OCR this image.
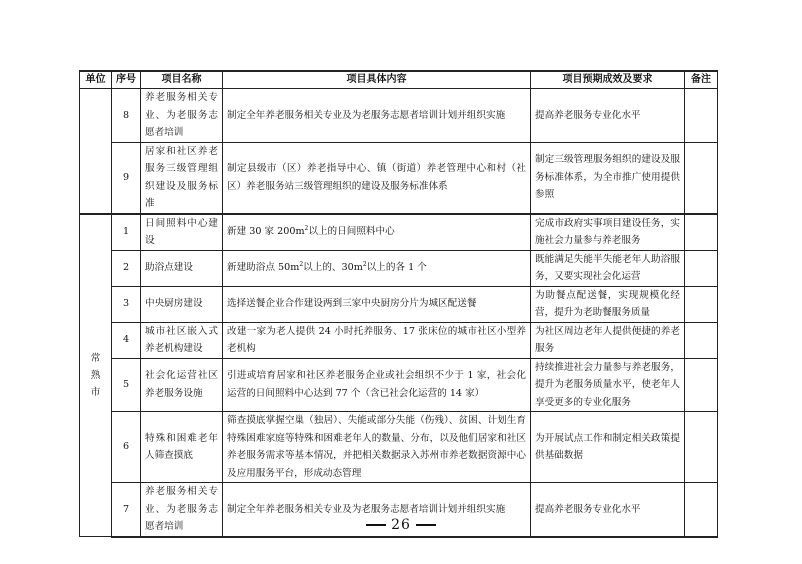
单位	序号	项目名称	项目具体内容	项目预期成效及要求	备注
	8	养老服务相关专业、为老服务志愿者培训	制定全年养老服务相关专业及为老服务志愿者培训计划并组织实施	提高养老服务专业化水平	
	9	居家和社区养老服务三级管理组织建设及服务标准	制定县级市（区）养老指导中心、镇（街道）养老管理中心和村（社区）养老服务站三级管理组织的建设及服务标准体系	制定三级管理服务组织的建设及服务标准体系，为全市推广使用提供参照	
常熟市	1	日间照料中心建设	新建 30 家 $200m^2$以上的日间照料中心	完成市政府实事项目建设任务，实施社会力量参与养老服务	
	2	助浴点建设	新建助浴点 $50m^2$以上的、$30m^2$以上的各 1 个	既能满足失能半失能老年人助浴服务，又要实现社会化运营	
	3	中央厨房建设	选择送餐企业合作建设两到三家中央厨房分片为城区配送餐	为助餐点配送餐，实现规模化经营，提升为老助餐服务质量	
	4	城市社区嵌入式养老机构建设	改建一家为老人提供 24 小时托养服务、17 张床位的城市社区小型养老机构	为社区周边老年人提供便捷的养老服务	
	5	社会化运营社区养老服务设施	引进或培育居家和社区养老服务企业或社会组织不少于 1 家，社会化运营的日间照料中心达到 77 个（含已社会化运营的 14 家）	持续推进社会力量参与养老服务，提升为老服务质量水平，使老年人享受更多的专业化服务	
	6	特殊和困难老年人筛查摸底	筛查摸底掌握空巢（独居）、失能或部分失能（伤残）、贫困、计划生育特殊困难家庭等特殊和困难老年人的数量、分布，以及他们居家和社区养老服务需求等基本情况，并把相关数据录入苏州市养老数据资源中心及应用服务平台，形成动态管理	为开展试点工作和制定相关政策提供基础数据	
	7	养老服务相关专业、为老服务志愿者培训	制定全年养老服务相关专业及为老服务志愿者培训计划并组织实施	提高养老服务专业化水平	
26
